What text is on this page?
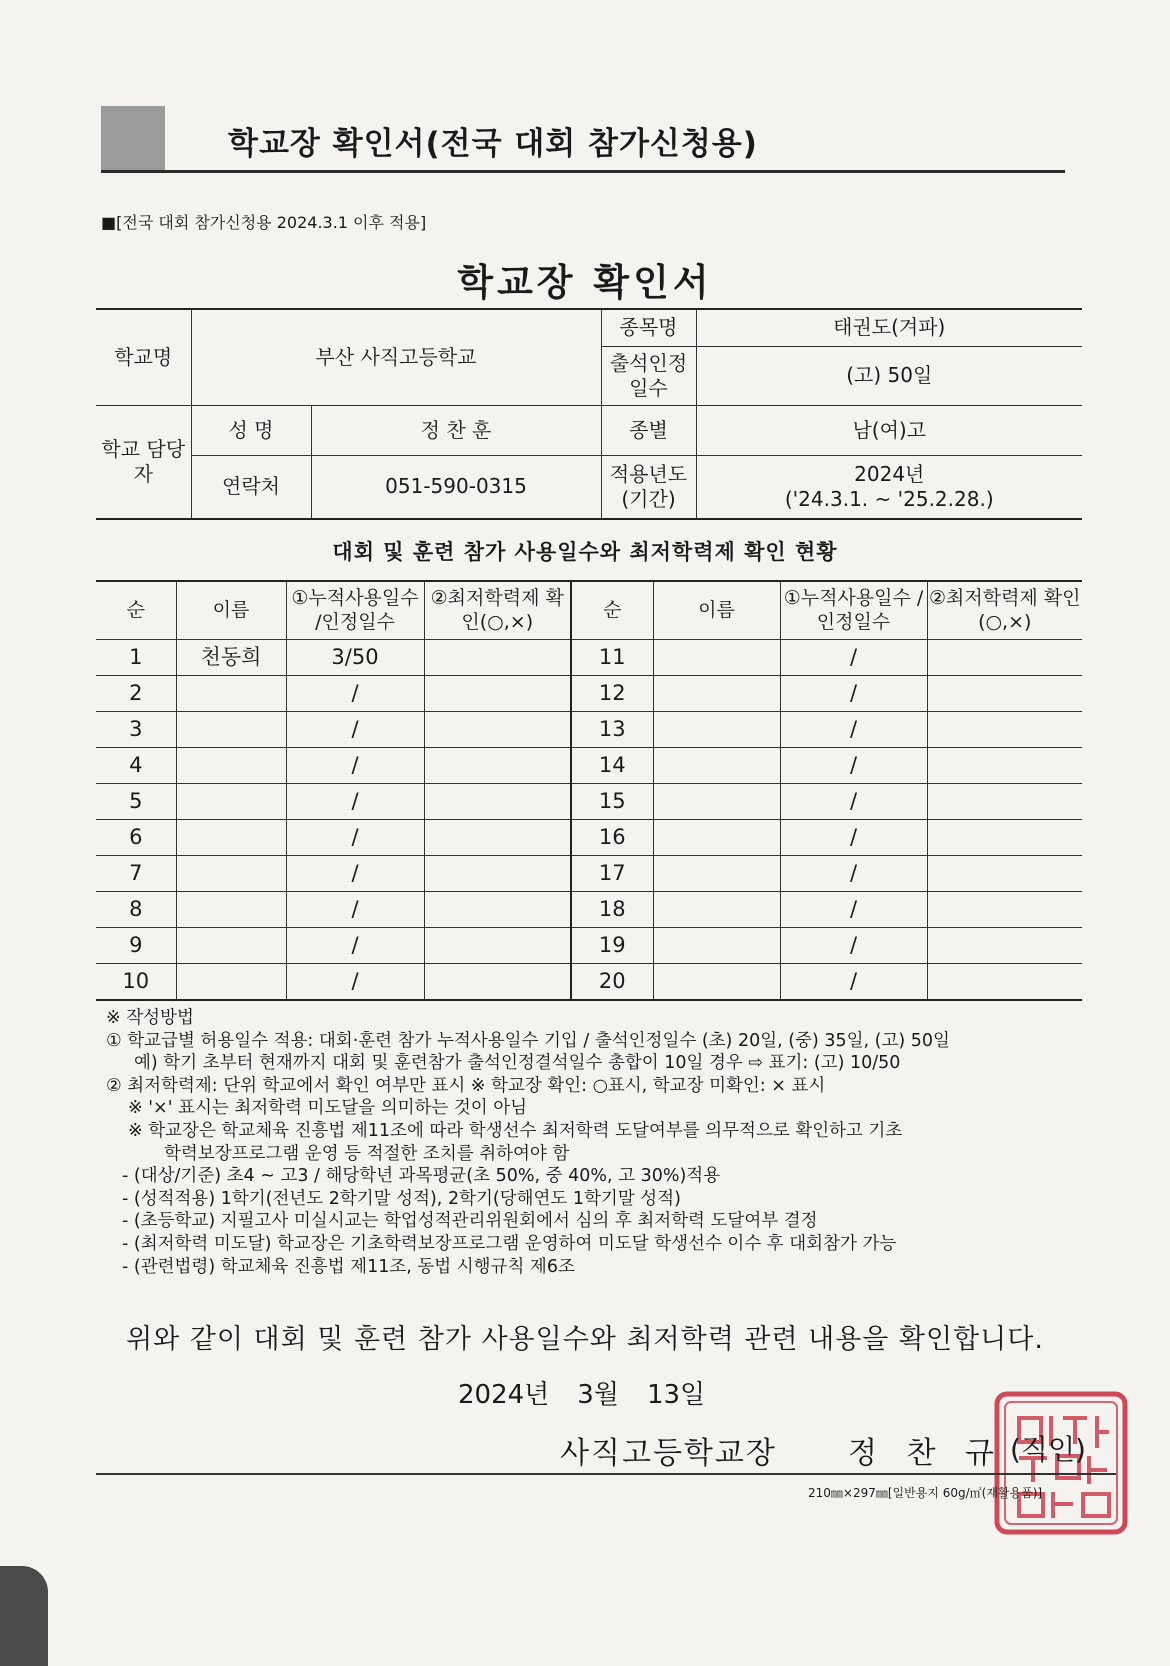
학교장 확인서(전국 대회 참가신청용)
■[전국 대회 참가신청용 2024.3.1 이후 적용]
학교장 확인서
학교명	부산 사직고등학교		종목명	태권도(겨파)
			출석인정 일수	(고) 50일
학교 담당자	성 명	정 찬 훈	종별	남(여)고
	연락처	051-590-0315	적용년도 (기간)	2024년
('24.3.1. ~ '25.2.28.)
대회 및 훈련 참가 사용일수와 최저학력제 확인 현황
순	이름	①누적사용일수 /인정일수	②최저학력제 확인(○,×)	순	이름	①누적사용일수 /인정일수	②최저학력제 확인(○,×)
1	천동희	3/50		11		/	
2		/		12		/	
3		/		13		/	
4		/		14		/	
5		/		15		/	
6		/		16		/	
7		/		17		/	
8		/		18		/	
9		/		19		/	
10		/		20		/	
※ 작성방법
① 학교급별 허용일수 적용: 대회·훈련 참가 누적사용일수 기입 / 출석인정일수 (초) 20일, (중) 35일, (고) 50일
예) 학기 초부터 현재까지 대회 및 훈련참가 출석인정결석일수 총합이 10일 경우 ⇨ 표기: (고) 10/50
② 최저학력제: 단위 학교에서 확인 여부만 표시 ※ 학교장 확인: ○표시, 학교장 미확인: × 표시
※ '×' 표시는 최저학력 미도달을 의미하는 것이 아님
※ 학교장은 학교체육 진흥법 제11조에 따라 학생선수 최저학력 도달여부를 의무적으로 확인하고 기초
학력보장프로그램 운영 등 적절한 조치를 취하여야 함
- (대상/기준) 초4 ~ 고3 / 해당학년 과목평균(초 50%, 중 40%, 고 30%)적용
- (성적적용) 1학기(전년도 2학기말 성적), 2학기(당해연도 1학기말 성적)
- (초등학교) 지필고사 미실시교는 학업성적관리위원회에서 심의 후 최저학력 도달여부 결정
- (최저학력 미도달) 학교장은 기초학력보장프로그램 운영하여 미도달 학생선수 이수 후 대회참가 가능
- (관련법령) 학교체육 진흥법 제11조, 동법 시행규칙 제6조
위와 같이 대회 및 훈련 참가 사용일수와 최저학력 관련 내용을 확인합니다.
2024년 3월 13일
사직고등학교장 정 찬 규 (직인)
210㎜×297㎜[일반용지 60g/㎡(재활용품)]
